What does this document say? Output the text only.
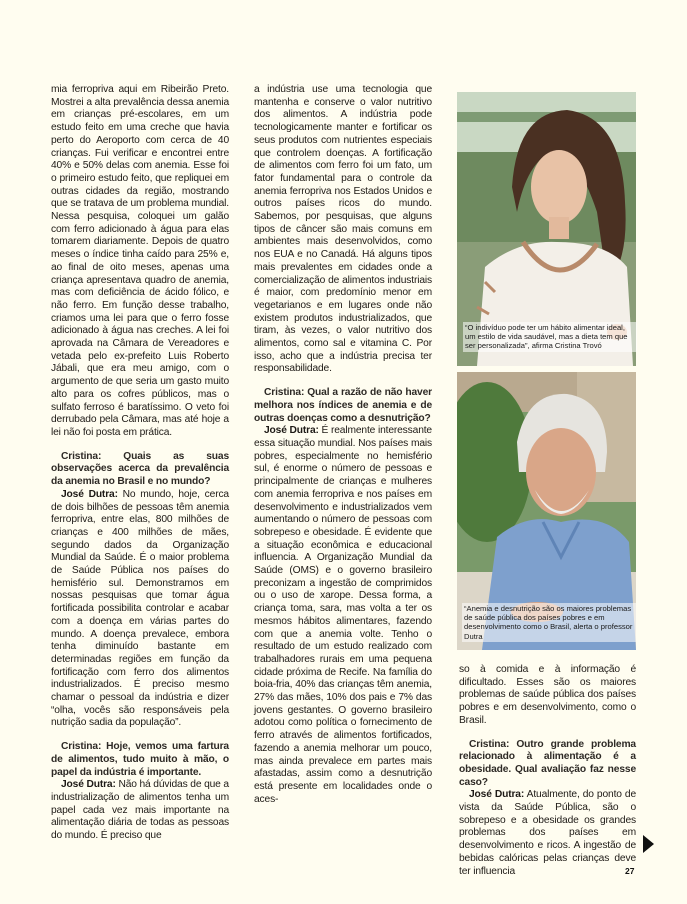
mia ferropriva aqui em Ribeirão Preto. Mostrei a alta prevalência dessa anemia em crianças pré-escolares, em um estudo feito em uma creche que havia perto do Aeroporto com cerca de 40 crianças. Fui verificar e encontrei entre 40% e 50% delas com anemia. Esse foi o primeiro estudo feito, que repliquei em outras cidades da região, mostrando que se tratava de um problema mundial. Nessa pesquisa, coloquei um galão com ferro adicionado à água para elas tomarem diariamente. Depois de quatro meses o índice tinha caído para 25% e, ao final de oito meses, apenas uma criança apresentava quadro de anemia, mas com deficiência de ácido fólico, e não ferro. Em função desse trabalho, criamos uma lei para que o ferro fosse adicionado à água nas creches. A lei foi aprovada na Câmara de Vereadores e vetada pelo ex-prefeito Luis Roberto Jábali, que era meu amigo, com o argumento de que seria um gasto muito alto para os cofres públicos, mas o sulfato ferroso é baratíssimo. O veto foi derrubado pela Câmara, mas até hoje a lei não foi posta em prática.

Cristina: Quais as suas observações acerca da prevalência da anemia no Brasil e no mundo?

José Dutra: No mundo, hoje, cerca de dois bilhões de pessoas têm anemia ferropriva, entre elas, 800 milhões de crianças e 400 milhões de mães, segundo dados da Organização Mundial da Saúde. É o maior problema de Saúde Pública nos países do hemisfério sul. Demonstramos em nossas pesquisas que tomar água fortificada possibilita controlar e acabar com a doença em várias partes do mundo. A doença prevalece, embora tenha diminuído bastante em determinadas regiões em função da fortificação com ferro dos alimentos industrializados. É preciso mesmo chamar o pessoal da indústria e dizer “olha, vocês são responsáveis pela nutrição sadia da população”.

Cristina: Hoje, vemos uma fartura de alimentos, tudo muito à mão, o papel da indústria é importante.

José Dutra: Não há dúvidas de que a industrialização de alimentos tenha um papel cada vez mais importante na alimentação diária de todas as pessoas do mundo. É preciso que

a indústria use uma tecnologia que mantenha e conserve o valor nutritivo dos alimentos. A indústria pode tecnologicamente manter e fortificar os seus produtos com nutrientes especiais que controlem doenças. A fortificação de alimentos com ferro foi um fato, um fator fundamental para o controle da anemia ferropriva nos Estados Unidos e outros países ricos do mundo. Sabemos, por pesquisas, que alguns tipos de câncer são mais comuns em ambientes mais desenvolvidos, como nos EUA e no Canadá. Há alguns tipos mais prevalentes em cidades onde a comercialização de alimentos industriais é maior, com predomínio menor em vegetarianos e em lugares onde não existem produtos industrializados, que tiram, às vezes, o valor nutritivo dos alimentos, como sal e vitamina C. Por isso, acho que a indústria precisa ter responsabilidade.

Cristina: Qual a razão de não haver melhora nos índices de anemia e de outras doenças como a desnutrição?

José Dutra: É realmente interessante essa situação mundial. Nos países mais pobres, especialmente no hemisfério sul, é enorme o número de pessoas e principalmente de crianças e mulheres com anemia ferropriva e nos países em desenvolvimento e industrializados vem aumentando o número de pessoas com sobrepeso e obesidade. É evidente que a situação econômica e educacional influencia. A Organização Mundial da Saúde (OMS) e o governo brasileiro preconizam a ingestão de comprimidos ou o uso de xarope. Dessa forma, a criança toma, sara, mas volta a ter os mesmos hábitos alimentares, fazendo com que a anemia volte. Tenho o resultado de um estudo realizado com trabalhadores rurais em uma pequena cidade próxima de Recife. Na família do boia-fria, 40% das crianças têm anemia, 27% das mães, 10% dos pais e 7% das jovens gestantes. O governo brasileiro adotou como política o fornecimento de ferro através de alimentos fortificados, fazendo a anemia melhorar um pouco, mas ainda prevalece em partes mais afastadas, assim como a desnutrição está presente em localidades onde o aces-

“O indivíduo pode ter um hábito alimentar ideal, um estilo de vida saudável, mas a dieta tem que ser personalizada”, afirma Cristina Trovó
“Anemia e desnutrição são os maiores problemas de saúde pública dos países pobres e em desenvolvimento como o Brasil, alerta o professor Dutra

so à comida e à informação é dificultado. Esses são os maiores problemas de saúde pública dos países pobres e em desenvolvimento, como o Brasil.

Cristina: Outro grande problema relacionado à alimentação é a obesidade. Qual avaliação faz nesse caso?

José Dutra: Atualmente, do ponto de vista da Saúde Pública, são o sobrepeso e a obesidade os grandes problemas dos países em desenvolvimento e ricos. A ingestão de bebidas calóricas pelas crianças deve ter influencia	27
